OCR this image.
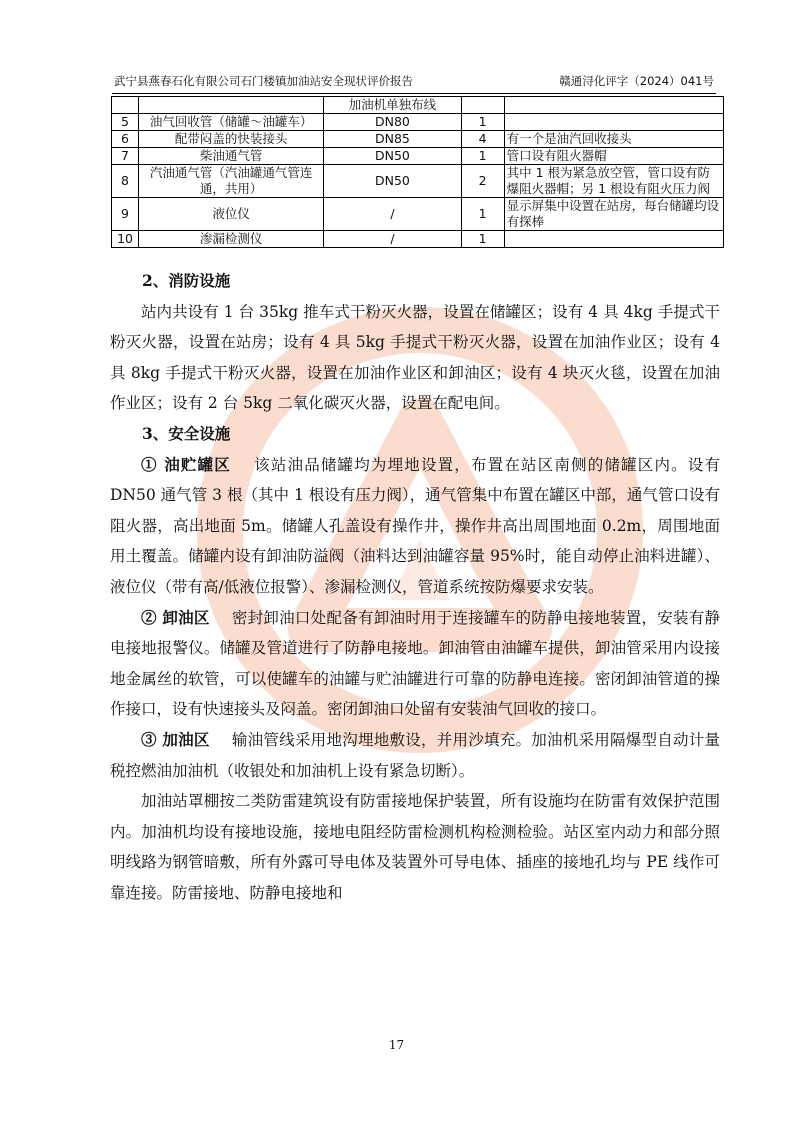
武宁县燕春石化有限公司石门楼镇加油站安全现状评价报告	赣通浔化评字（2024）041号
		加油机单独布线		
5	油气回收管（储罐～油罐车）	DN80	1	
6	配带闷盖的快装接头	DN85	4	有一个是油汽回收接头
7	柴油通气管	DN50	1	管口设有阻火器帽
8	汽油通气管（汽油罐通气管连通，共用）	DN50	2	其中 1 根为紧急放空管，管口设有防爆阻火器帽；另 1 根设有阻火压力阀
9	液位仪	/	1	显示屏集中设置在站房，每台储罐均设有探棒
10	渗漏检测仪	/	1	
2、消防设施

站内共设有 1 台 35kg 推车式干粉灭火器，设置在储罐区；设有 4 具 4kg 手提式干粉灭火器，设置在站房；设有 4 具 5kg 手提式干粉灭火器，设置在加油作业区；设有 4 具 8kg 手提式干粉灭火器，设置在加油作业区和卸油区；设有 4 块灭火毯，设置在加油作业区；设有 2 台 5kg 二氧化碳灭火器，设置在配电间。

3、安全设施

① 油贮罐区 该站油品储罐均为埋地设置，布置在站区南侧的储罐区内。设有 DN50 通气管 3 根（其中 1 根设有压力阀），通气管集中布置在罐区中部，通气管口设有阻火器，高出地面 5m。储罐人孔盖设有操作井，操作井高出周围地面 0.2m，周围地面用土覆盖。储罐内设有卸油防溢阀（油料达到油罐容量 95%时，能自动停止油料进罐）、液位仪（带有高/低液位报警）、渗漏检测仪，管道系统按防爆要求安装。

② 卸油区 密封卸油口处配备有卸油时用于连接罐车的防静电接地装置，安装有静电接地报警仪。储罐及管道进行了防静电接地。卸油管由油罐车提供，卸油管采用内设接地金属丝的软管，可以使罐车的油罐与贮油罐进行可靠的防静电连接。密闭卸油管道的操作接口，设有快速接头及闷盖。密闭卸油口处留有安装油气回收的接口。

③ 加油区 输油管线采用地沟埋地敷设，并用沙填充。加油机采用隔爆型自动计量税控燃油加油机（收银处和加油机上设有紧急切断）。

加油站罩棚按二类防雷建筑设有防雷接地保护装置，所有设施均在防雷有效保护范围内。加油机均设有接地设施，接地电阻经防雷检测机构检测检验。站区室内动力和部分照明线路为钢管暗敷，所有外露可导电体及装置外可导电体、插座的接地孔均与 PE 线作可靠连接。防雷接地、防静电接地和

17
